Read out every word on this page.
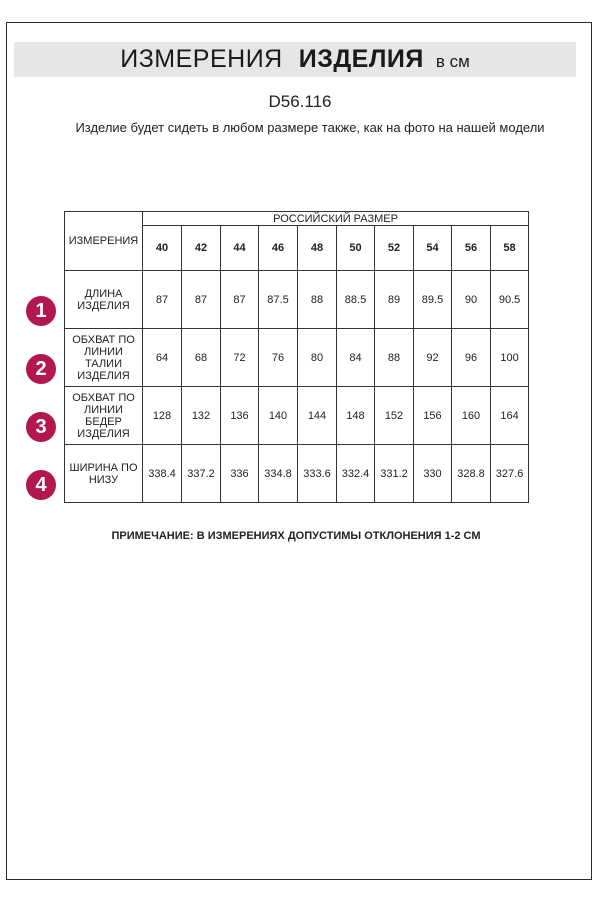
ИЗМЕРЕНИЯ ИЗДЕЛИЯ в см
D56.116
Изделие будет сидеть в любом размере также, как на фото на нашей модели
ИЗМЕРЕНИЯ	РОССИЙСКИЙ РАЗМЕР									
	40	42	44	46	48	50	52	54	56	58
ДЛИНА ИЗДЕЛИЯ	87	87	87	87.5	88	88.5	89	89.5	90	90.5
ОБХВАТ ПО ЛИНИИ ТАЛИИ ИЗДЕЛИЯ	64	68	72	76	80	84	88	92	96	100
ОБХВАТ ПО ЛИНИИ БЕДЕР ИЗДЕЛИЯ	128	132	136	140	144	148	152	156	160	164
ШИРИНА ПО НИЗУ	338.4	337.2	336	334.8	333.6	332.4	331.2	330	328.8	327.6
1
2
3
4
ПРИМЕЧАНИЕ: В ИЗМЕРЕНИЯХ ДОПУСТИМЫ ОТКЛОНЕНИЯ 1-2 СМ
